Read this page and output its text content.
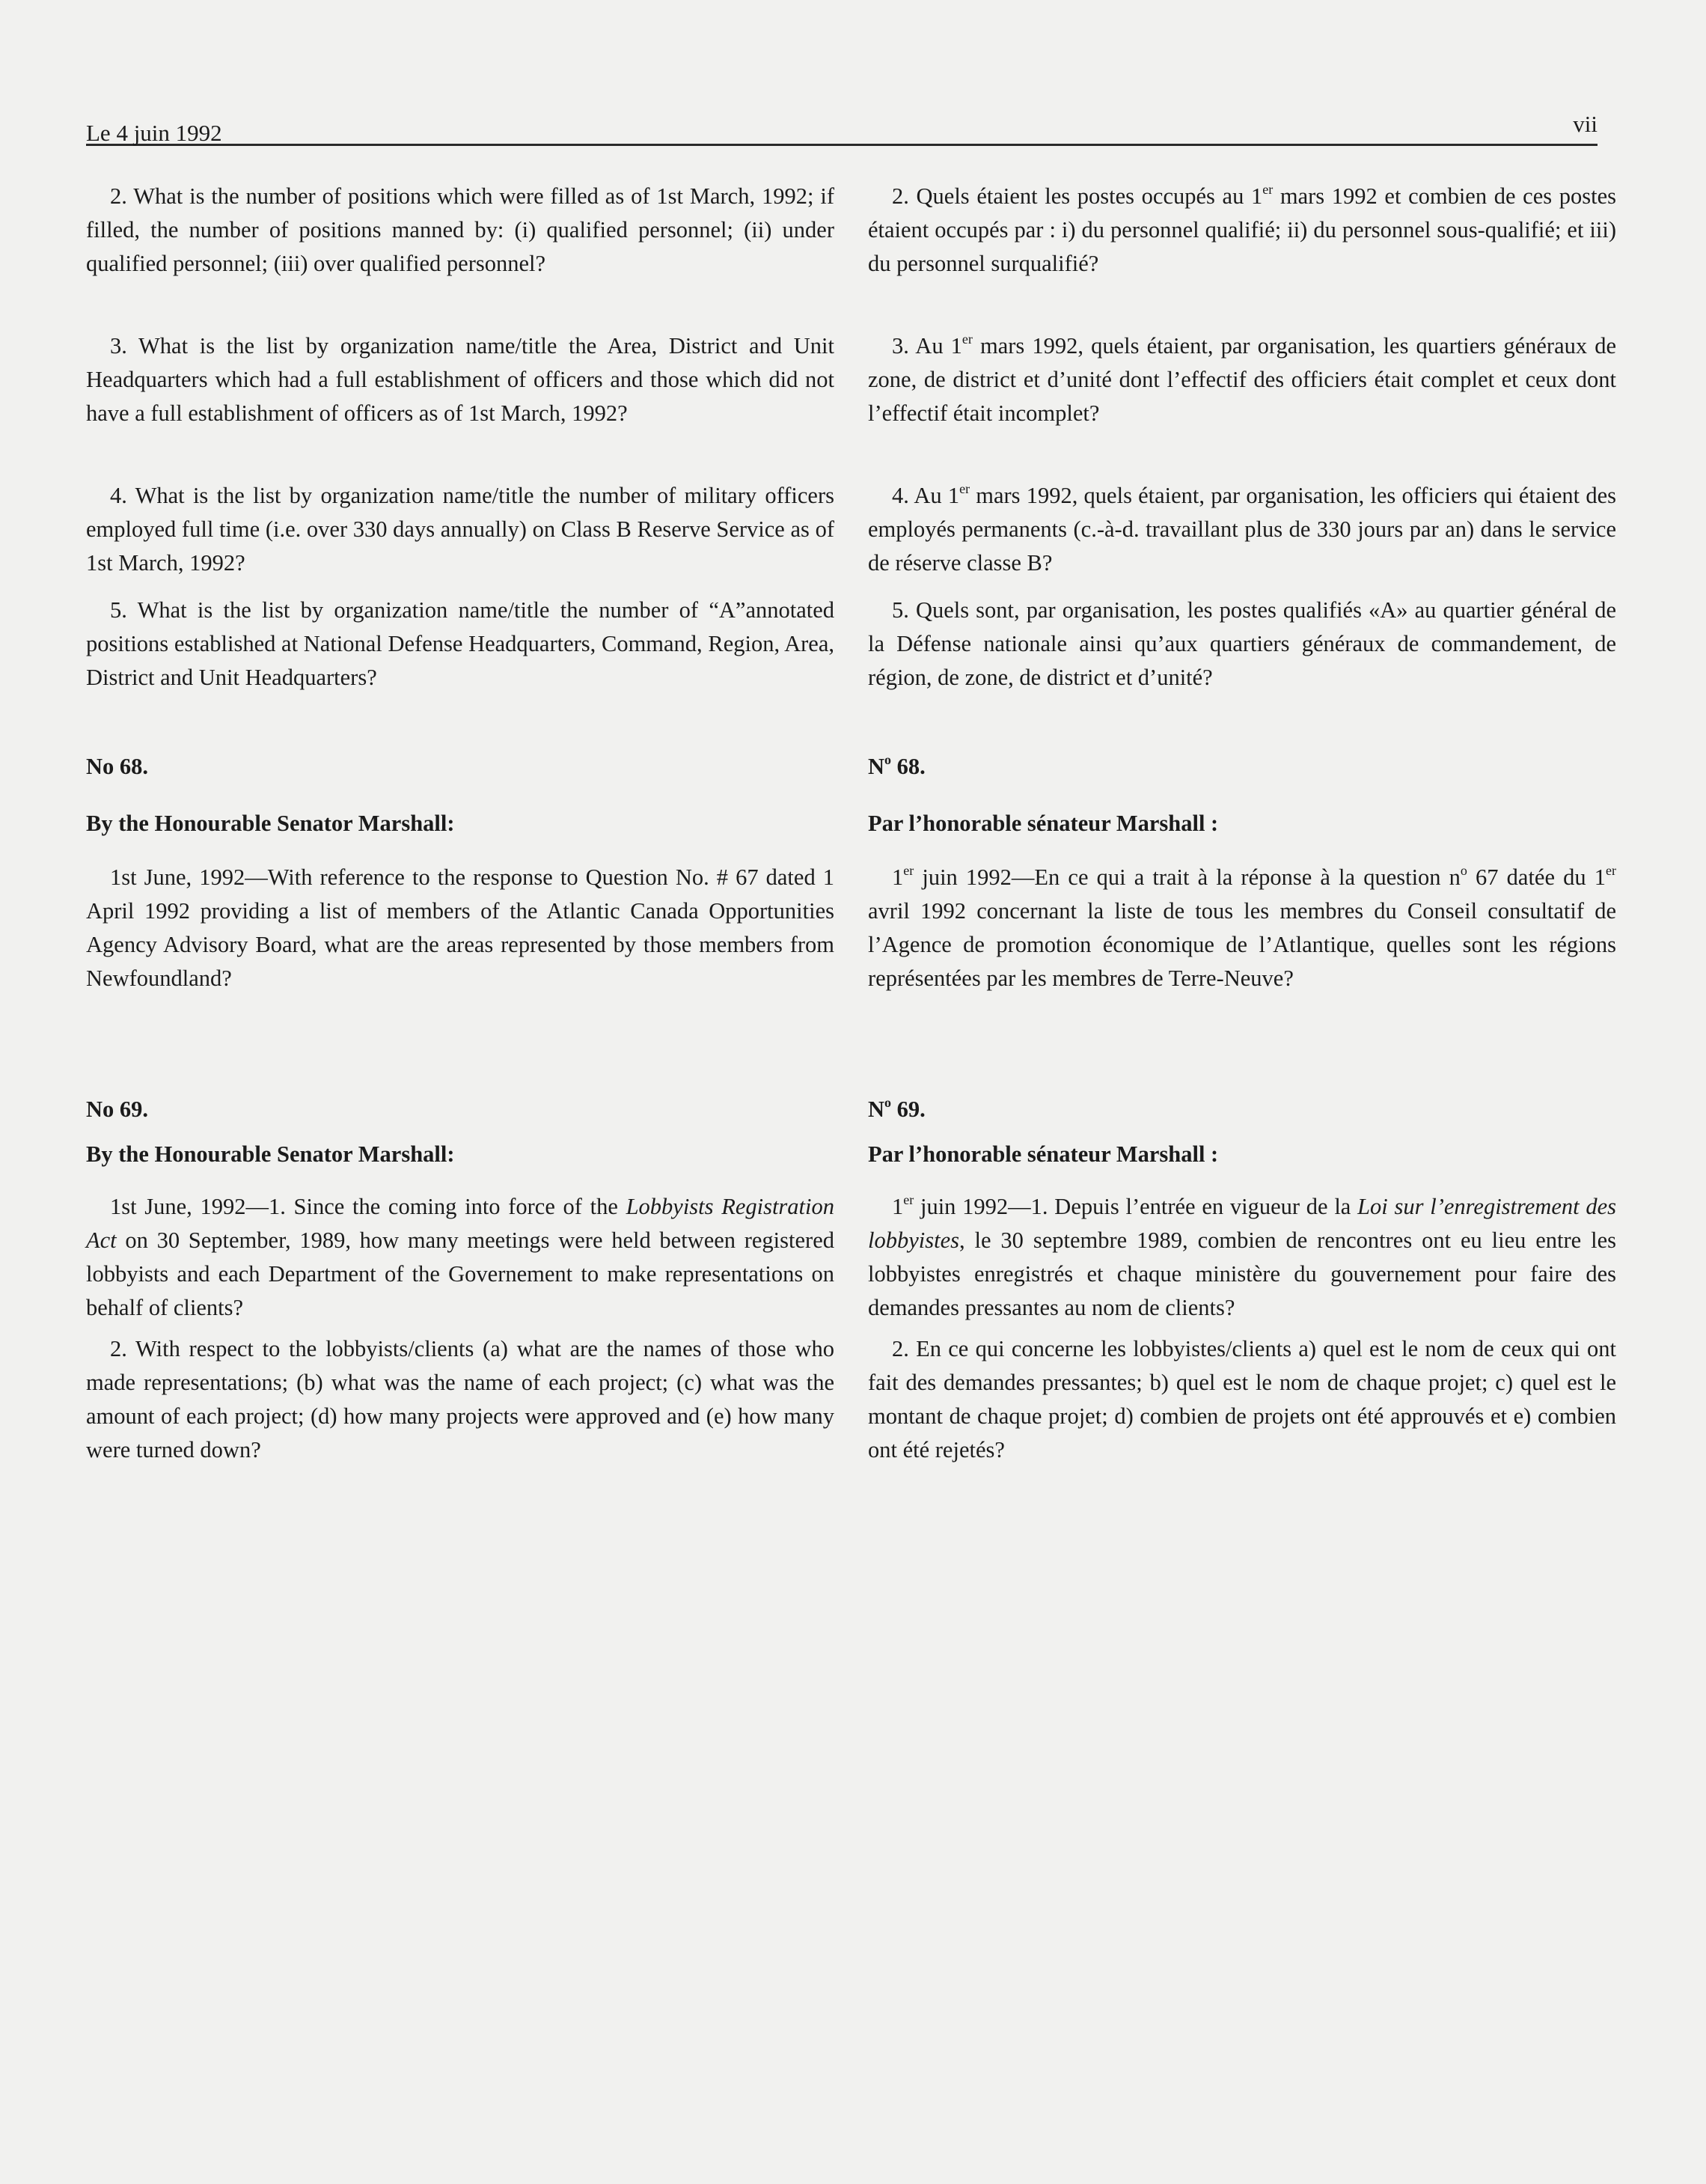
Le 4 juin 1992	vii

2. What is the number of positions which were filled as of 1st March, 1992; if filled, the number of positions manned by: (i) qualified personnel; (ii) under qualified personnel; (iii) over qualified personnel?

3. What is the list by organization name/title the Area, District and Unit Headquarters which had a full establishment of officers and those which did not have a full establishment of officers as of 1st March, 1992?

4. What is the list by organization name/title the number of military officers employed full time (i.e. over 330 days annually) on Class B Reserve Service as of 1st March, 1992?

5. What is the list by organization name/title the number of “A”annotated positions established at National Defense Headquarters, Command, Region, Area, District and Unit Headquarters?

No 68.

By the Honourable Senator Marshall:

1st June, 1992—With reference to the response to Question No. # 67 dated 1 April 1992 providing a list of members of the Atlantic Canada Opportunities Agency Advisory Board, what are the areas represented by those members from Newfoundland?

No 69.

By the Honourable Senator Marshall:

1st June, 1992—1. Since the coming into force of the Lobbyists Registration Act on 30 September, 1989, how many meetings were held between registered lobbyists and each Department of the Governement to make representations on behalf of clients?

2. With respect to the lobbyists/clients (a) what are the names of those who made representations; (b) what was the name of each project; (c) what was the amount of each project; (d) how many projects were approved and (e) how many were turned down?

2. Quels étaient les postes occupés au 1er mars 1992 et combien de ces postes étaient occupés par : i) du personnel qualifié; ii) du personnel sous-qualifié; et iii) du personnel surqualifié?

3. Au 1er mars 1992, quels étaient, par organisation, les quartiers généraux de zone, de district et d’unité dont l’effectif des officiers était complet et ceux dont l’effectif était incomplet?

4. Au 1er mars 1992, quels étaient, par organisation, les officiers qui étaient des employés permanents (c.-à-d. travaillant plus de 330 jours par an) dans le service de réserve classe B?

5. Quels sont, par organisation, les postes qualifiés «A» au quartier général de la Défense nationale ainsi qu’aux quartiers généraux de commandement, de région, de zone, de district et d’unité?

$N^o$ 68.

Par l’honorable sénateur Marshall :

1er juin 1992—En ce qui a trait à la réponse à la question $n^o$ 67 datée du 1er avril 1992 concernant la liste de tous les membres du Conseil consultatif de l’Agence de promotion économique de l’Atlantique, quelles sont les régions représentées par les membres de Terre-Neuve?

$N^o$ 69.

Par l’honorable sénateur Marshall :

1er juin 1992—1. Depuis l’entrée en vigueur de la Loi sur l’enregistrement des lobbyistes, le 30 septembre 1989, combien de rencontres ont eu lieu entre les lobbyistes enregistrés et chaque ministère du gouvernement pour faire des demandes pressantes au nom de clients?

2. En ce qui concerne les lobbyistes/clients a) quel est le nom de ceux qui ont fait des demandes pressantes; b) quel est le nom de chaque projet; c) quel est le montant de chaque projet; d) combien de projets ont été approuvés et e) combien ont été rejetés?
